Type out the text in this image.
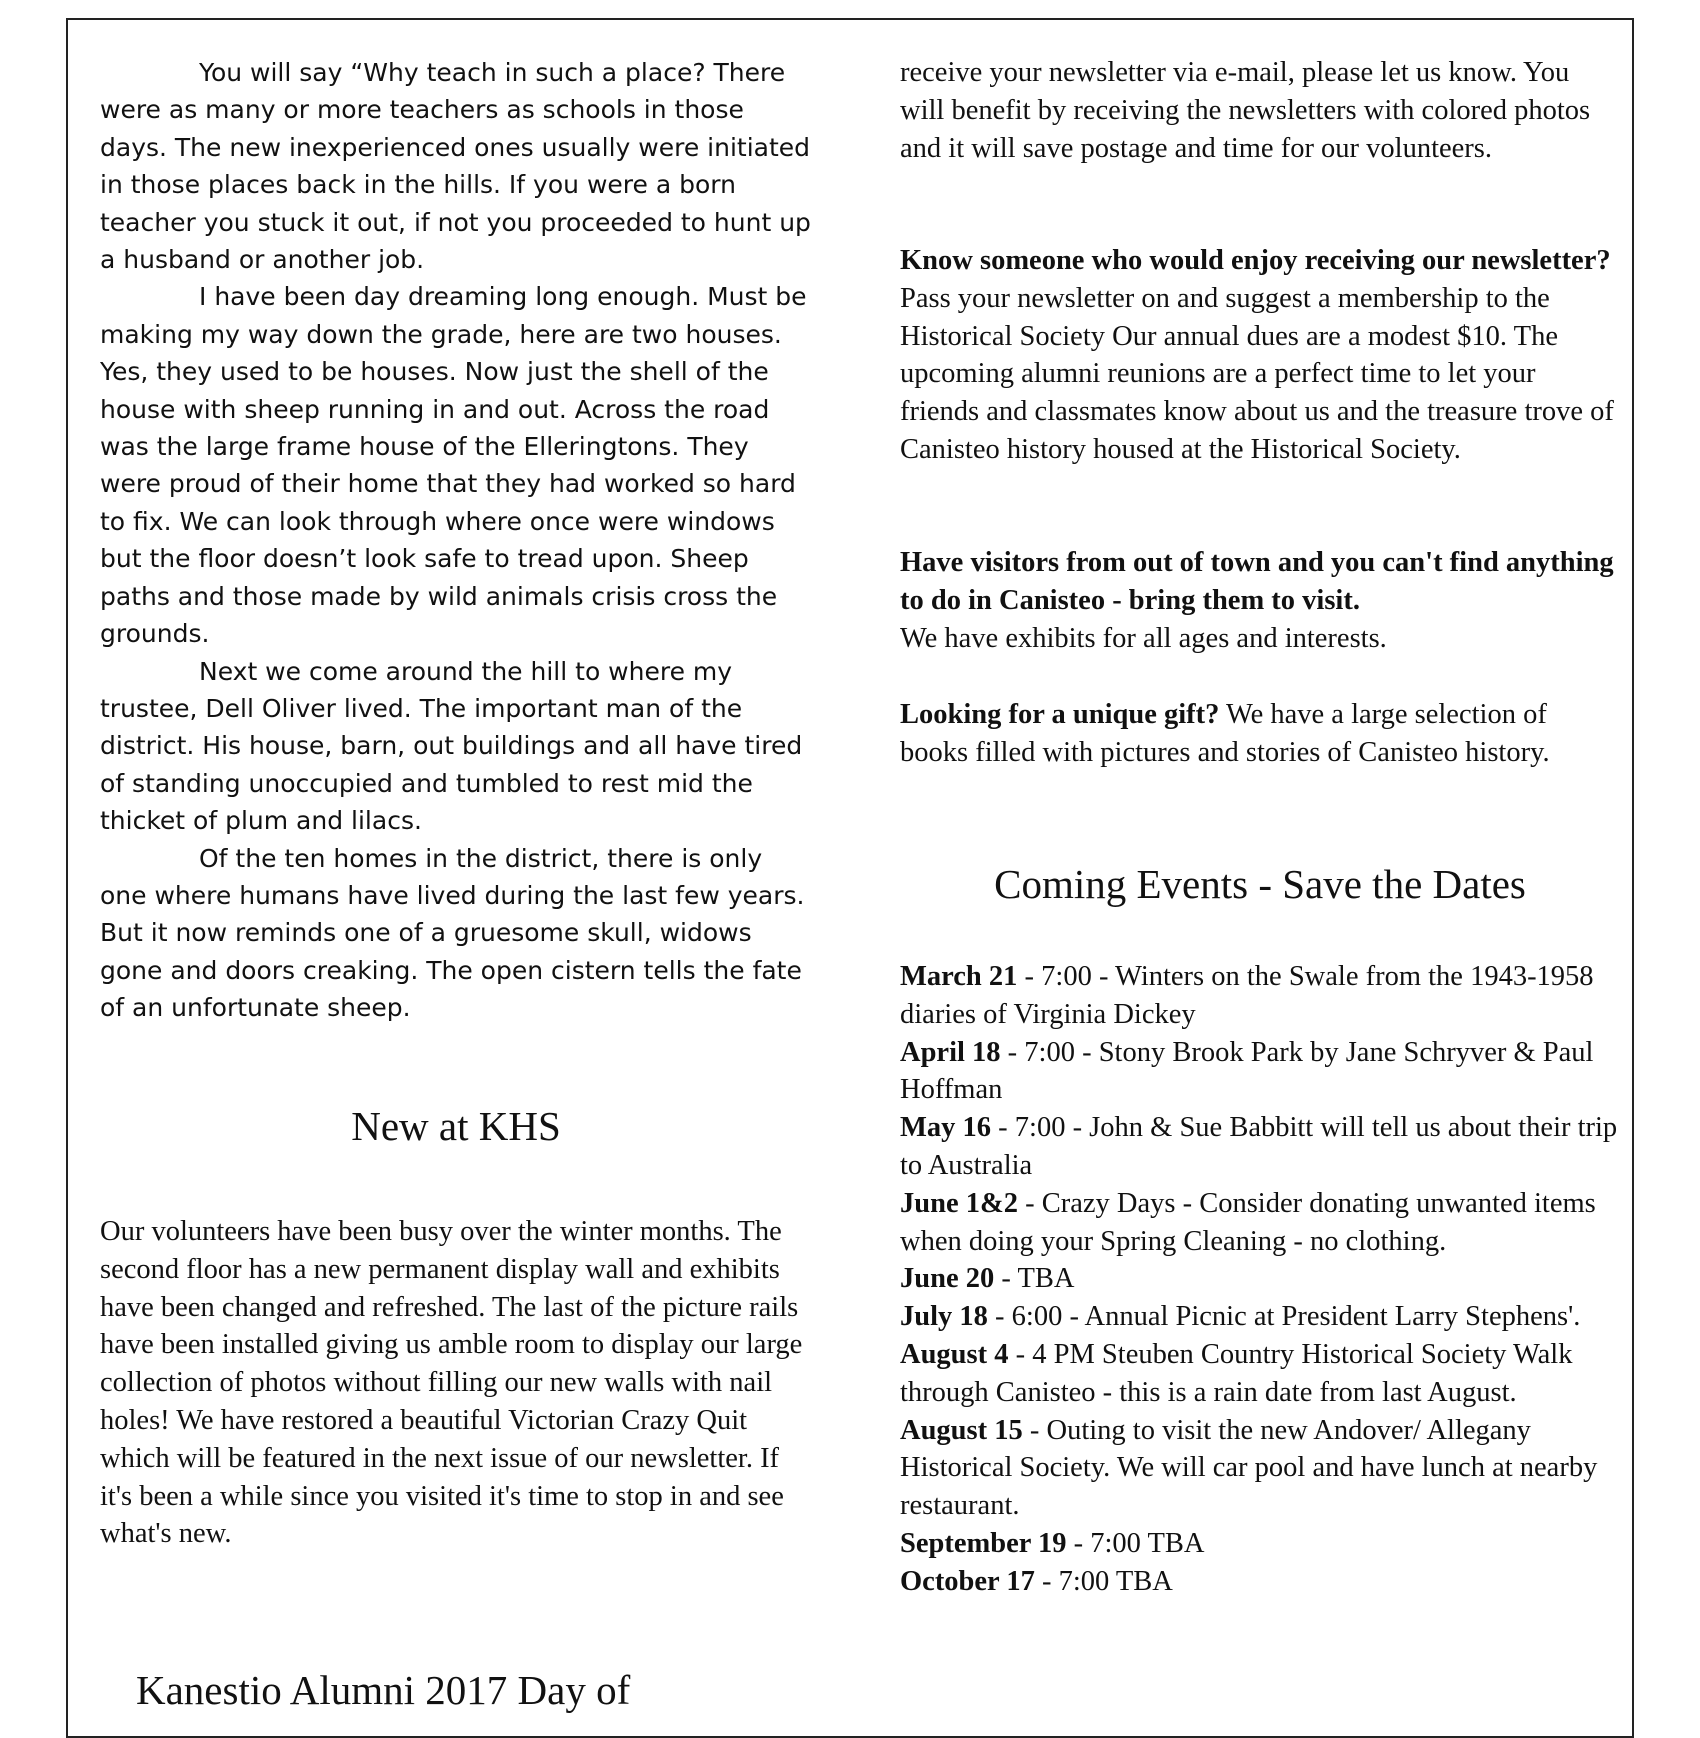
You will say “Why teach in such a place? There were as many or more teachers as schools in those days. The new inexperienced ones usually were initiated in those places back in the hills. If you were a born teacher you stuck it out, if not you proceeded to hunt up a husband or another job.

I have been day dreaming long enough. Must be making my way down the grade, here are two houses. Yes, they used to be houses. Now just the shell of the house with sheep running in and out. Across the road was the large frame house of the Elleringtons. They were proud of their home that they had worked so hard to fix. We can look through where once were windows but the floor doesn’t look safe to tread upon. Sheep paths and those made by wild animals crisis cross the grounds.

Next we come around the hill to where my trustee, Dell Oliver lived. The important man of the district. His house, barn, out buildings and all have tired of standing unoccupied and tumbled to rest mid the thicket of plum and lilacs.

Of the ten homes in the district, there is only one where humans have lived during the last few years. But it now reminds one of a gruesome skull, widows gone and doors creaking. The open cistern tells the fate of an unfortunate sheep.

New at KHS

Our volunteers have been busy over the winter months. The second floor has a new permanent display wall and exhibits have been changed and refreshed. The last of the picture rails have been installed giving us amble room to display our large collection of photos without filling our new walls with nail holes! We have restored a beautiful Victorian Crazy Quit which will be featured in the next issue of our newsletter. If it's been a while since you visited it's time to stop in and see what's new.

Kanestio Alumni 2017 Day of

receive your newsletter via e-mail, please let us know. You will benefit by receiving the newsletters with colored photos and it will save postage and time for our volunteers.

Know someone who would enjoy receiving our newsletter? Pass your newsletter on and suggest a membership to the Historical Society Our annual dues are a modest $10. The upcoming alumni reunions are a perfect time to let your friends and classmates know about us and the treasure trove of Canisteo history housed at the Historical Society.

Have visitors from out of town and you can't find anything to do in Canisteo - bring them to visit.
We have exhibits for all ages and interests.

Looking for a unique gift? We have a large selection of books filled with pictures and stories of Canisteo history.

Coming Events - Save the Dates

March 21 - 7:00 - Winters on the Swale from the 1943-1958 diaries of Virginia Dickey

April 18 - 7:00 - Stony Brook Park by Jane Schryver & Paul Hoffman

May 16 - 7:00 - John & Sue Babbitt will tell us about their trip to Australia

June 1&2 - Crazy Days - Consider donating unwanted items when doing your Spring Cleaning - no clothing.

June 20 - TBA

July 18 - 6:00 - Annual Picnic at President Larry Stephens'.

August 4 - 4 PM Steuben Country Historical Society Walk through Canisteo - this is a rain date from last August.

August 15 - Outing to visit the new Andover/ Allegany Historical Society. We will car pool and have lunch at nearby restaurant.

September 19 - 7:00 TBA

October 17 - 7:00 TBA
